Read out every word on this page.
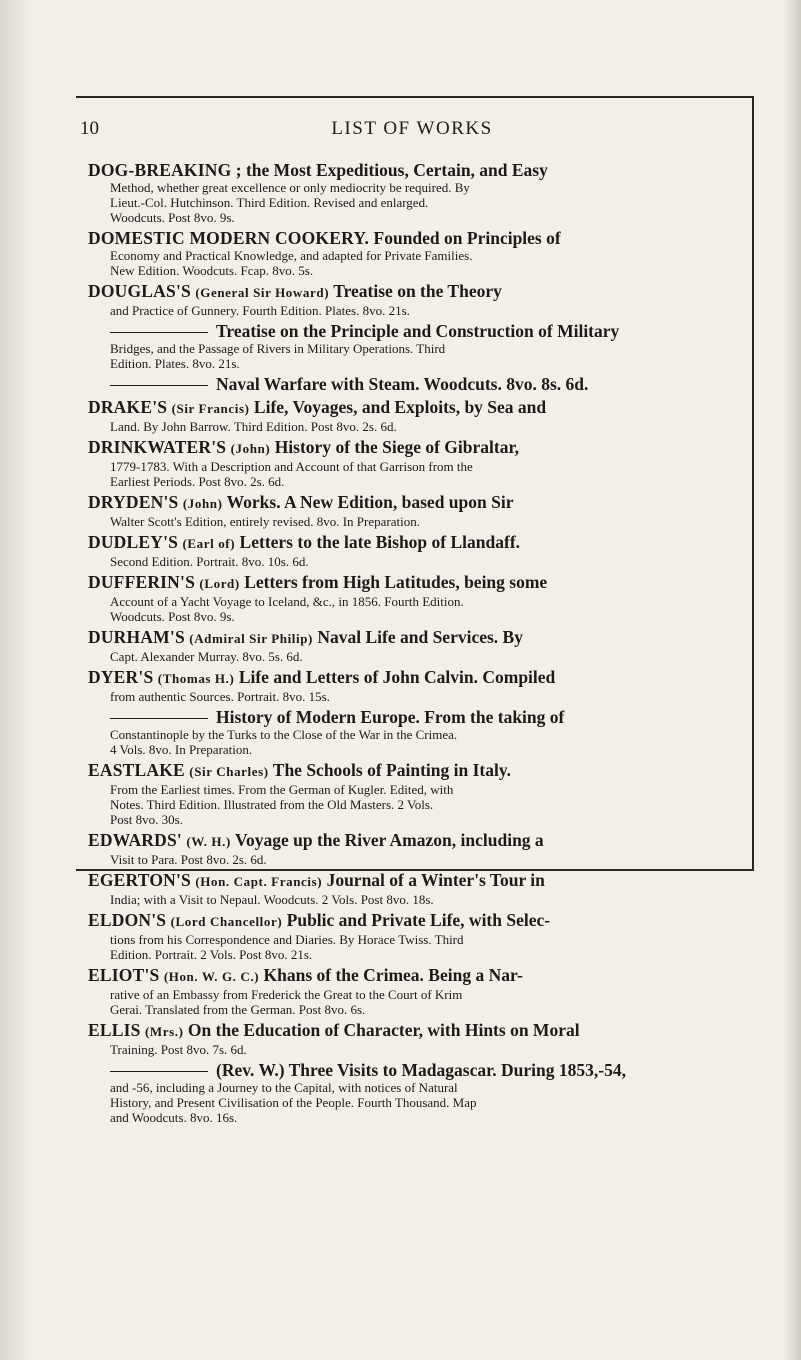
10	LIST OF WORKS
DOG-BREAKING ; the Most Expeditious, Certain, and Easy
Method, whether great excellence or only mediocrity be required. By
Lieut.-Col. Hutchinson. Third Edition. Revised and enlarged.
Woodcuts. Post 8vo. 9s.
DOMESTIC MODERN COOKERY. Founded on Principles of
Economy and Practical Knowledge, and adapted for Private Families.
New Edition. Woodcuts. Fcap. 8vo. 5s.
DOUGLAS'S (General Sir Howard) Treatise on the Theory
and Practice of Gunnery. Fourth Edition. Plates. 8vo. 21s.
Treatise on the Principle and Construction of Military
Bridges, and the Passage of Rivers in Military Operations. Third
Edition. Plates. 8vo. 21s.
Naval Warfare with Steam. Woodcuts. 8vo. 8s. 6d.
DRAKE'S (Sir Francis) Life, Voyages, and Exploits, by Sea and
Land. By John Barrow. Third Edition. Post 8vo. 2s. 6d.
DRINKWATER'S (John) History of the Siege of Gibraltar,
1779-1783. With a Description and Account of that Garrison from the
Earliest Periods. Post 8vo. 2s. 6d.
DRYDEN'S (John) Works. A New Edition, based upon Sir
Walter Scott's Edition, entirely revised. 8vo. In Preparation.
DUDLEY'S (Earl of) Letters to the late Bishop of Llandaff.
Second Edition. Portrait. 8vo. 10s. 6d.
DUFFERIN'S (Lord) Letters from High Latitudes, being some
Account of a Yacht Voyage to Iceland, &c., in 1856. Fourth Edition.
Woodcuts. Post 8vo. 9s.
DURHAM'S (Admiral Sir Philip) Naval Life and Services. By
Capt. Alexander Murray. 8vo. 5s. 6d.
DYER'S (Thomas H.) Life and Letters of John Calvin. Compiled
from authentic Sources. Portrait. 8vo. 15s.
History of Modern Europe. From the taking of
Constantinople by the Turks to the Close of the War in the Crimea.
4 Vols. 8vo. In Preparation.
EASTLAKE (Sir Charles) The Schools of Painting in Italy.
From the Earliest times. From the German of Kugler. Edited, with
Notes. Third Edition. Illustrated from the Old Masters. 2 Vols.
Post 8vo. 30s.
EDWARDS' (W. H.) Voyage up the River Amazon, including a
Visit to Para. Post 8vo. 2s. 6d.
EGERTON'S (Hon. Capt. Francis) Journal of a Winter's Tour in
India; with a Visit to Nepaul. Woodcuts. 2 Vols. Post 8vo. 18s.
ELDON'S (Lord Chancellor) Public and Private Life, with Selec-
tions from his Correspondence and Diaries. By Horace Twiss. Third
Edition. Portrait. 2 Vols. Post 8vo. 21s.
ELIOT'S (Hon. W. G. C.) Khans of the Crimea. Being a Nar-
rative of an Embassy from Frederick the Great to the Court of Krim
Gerai. Translated from the German. Post 8vo. 6s.
ELLIS (Mrs.) On the Education of Character, with Hints on Moral
Training. Post 8vo. 7s. 6d.
(Rev. W.) Three Visits to Madagascar. During 1853,-54,
and -56, including a Journey to the Capital, with notices of Natural
History, and Present Civilisation of the People. Fourth Thousand. Map
and Woodcuts. 8vo. 16s.
